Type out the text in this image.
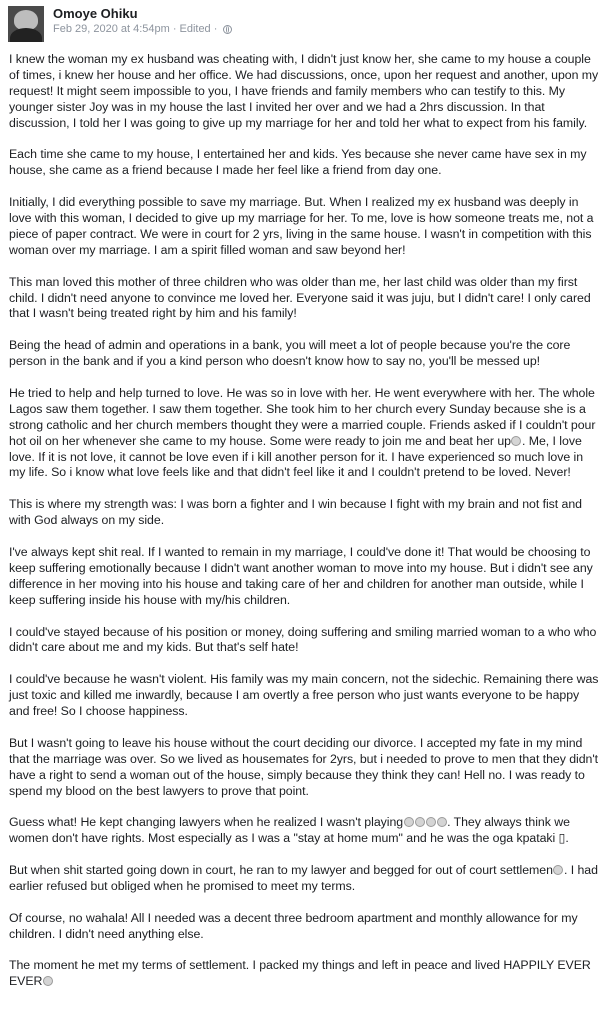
Omoye Ohiku
Feb 29, 2020 at 4:54pm · Edited ·

I knew the woman my ex husband was cheating with, I didn't just know her, she came to my house a couple of times, i knew her house and her office. We had discussions, once, upon her request and another, upon my request! It might seem impossible to you, I have friends and family members who can testify to this. My younger sister Joy was in my house the last I invited her over and we had a 2hrs discussion. In that discussion, I told her I was going to give up my marriage for her and told her what to expect from his family.

Each time she came to my house, I entertained her and kids. Yes because she never came have sex in my house, she came as a friend because I made her feel like a friend from day one.

Initially, I did everything possible to save my marriage. But. When I realized my ex husband was deeply in love with this woman, I decided to give up my marriage for her. To me, love is how someone treats me, not a piece of paper contract. We were in court for 2 yrs, living in the same house. I wasn't in competition with this woman over my marriage. I am a spirit filled woman and saw beyond her!

This man loved this mother of three children who was older than me, her last child was older than my first child. I didn't need anyone to convince me loved her. Everyone said it was juju, but I didn't care! I only cared that I wasn't being treated right by him and his family!

Being the head of admin and operations in a bank, you will meet a lot of people because you're the core person in the bank and if you a kind person who doesn't know how to say no, you'll be messed up!

He tried to help and help turned to love. He was so in love with her. He went everywhere with her. The whole Lagos saw them together. I saw them together. She took him to her church every Sunday because she is a strong catholic and her church members thought they were a married couple. Friends asked if I couldn't pour hot oil on her whenever she came to my house. Some were ready to join me and beat her up . Me, I love love. If it is not love, it cannot be love even if i kill another person for it. I have experienced so much love in my life. So i know what love feels like and that didn't feel like it and I couldn't pretend to be loved. Never!

This is where my strength was: I was born a fighter and I win because I fight with my brain and not fist and with God always on my side.

I've always kept shit real. If I wanted to remain in my marriage, I could've done it! That would be choosing to keep suffering emotionally because I didn't want another woman to move into my house. But i didn't see any difference in her moving into his house and taking care of her and children for another man outside, while I keep suffering inside his house with my/his children.

I could've stayed because of his position or money, doing suffering and smiling married woman to a who who didn't care about me and my kids. But that's self hate!

I could've because he wasn't violent. His family was my main concern, not the sidechic. Remaining there was just toxic and killed me inwardly, because I am overtly a free person who just wants everyone to be happy and free! So I choose happiness.

But I wasn't going to leave his house without the court deciding our divorce. I accepted my fate in my mind that the marriage was over. So we lived as housemates for 2yrs, but i needed to prove to men that they didn't have a right to send a woman out of the house, simply because they think they can! Hell no. I was ready to spend my blood on the best lawyers to prove that point.

Guess what! He kept changing lawyers when he realized I wasn't playing	. They always think we women don't have rights. Most especially as I was a "stay at home mum" and he was the oga kpataki ▯.

But when shit started going down in court, he ran to my lawyer and begged for out of court settlemen . I had earlier refused but obliged when he promised to meet my terms.

Of course, no wahala! All I needed was a decent three bedroom apartment and monthly allowance for my children. I didn't need anything else.

The moment he met my terms of settlement. I packed my things and left in peace and lived HAPPILY EVER EVER
